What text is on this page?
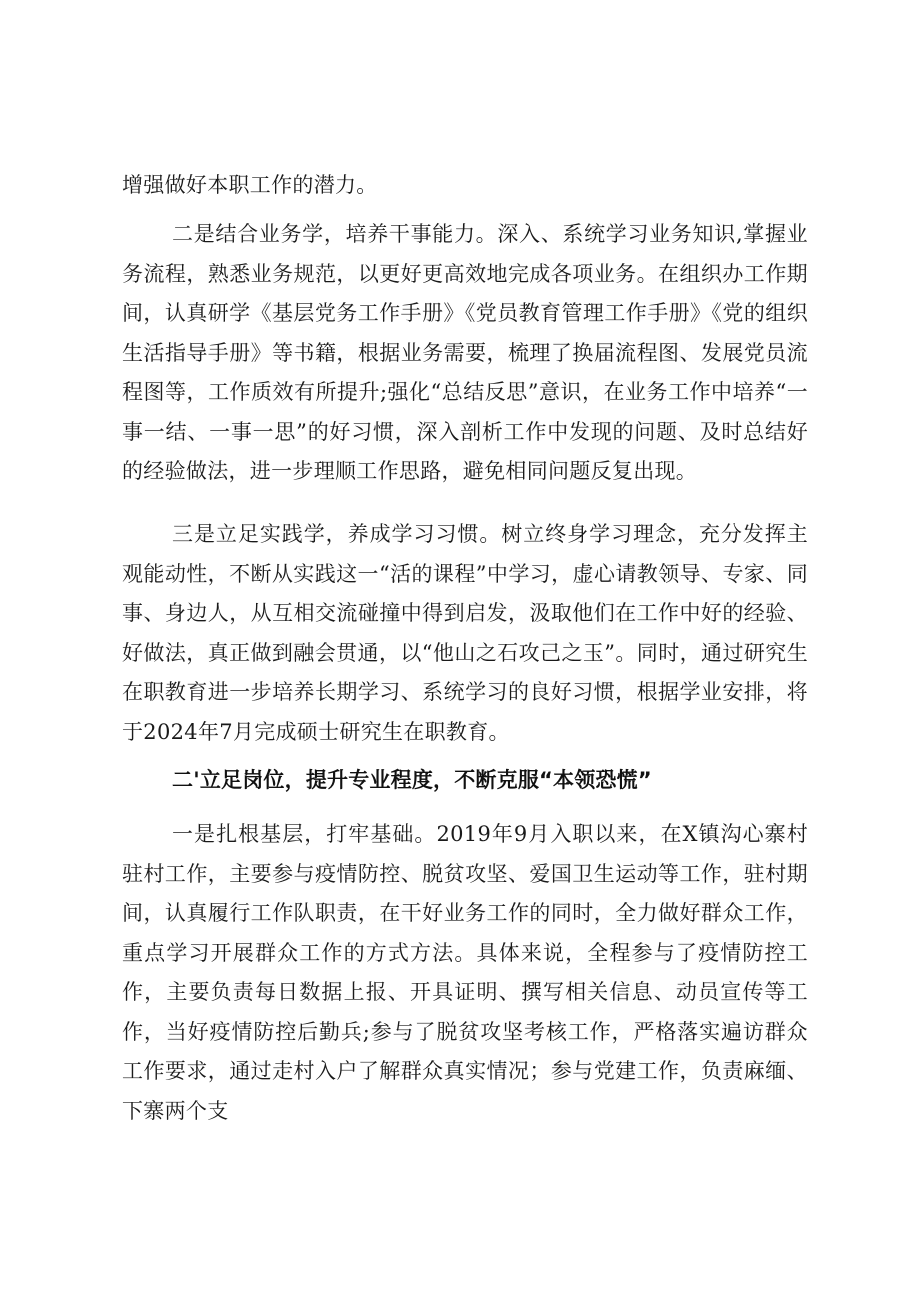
增强做好本职工作的潜力。

二是结合业务学，培养干事能力。深入、系统学习业务知识,掌握业务流程，熟悉业务规范，以更好更高效地完成各项业务。在组织办工作期间，认真研学《基层党务工作手册》《党员教育管理工作手册》《党的组织生活指导手册》等书籍，根据业务需要，梳理了换届流程图、发展党员流程图等，工作质效有所提升;强化“总结反思”意识，在业务工作中培养“一事一结、一事一思”的好习惯，深入剖析工作中发现的问题、及时总结好的经验做法，进一步理顺工作思路，避免相同问题反复出现。

三是立足实践学，养成学习习惯。树立终身学习理念，充分发挥主观能动性，不断从实践这一“活的课程”中学习，虚心请教领导、专家、同事、身边人，从互相交流碰撞中得到启发，汲取他们在工作中好的经验、好做法，真正做到融会贯通，以“他山之石攻己之玉”。同时，通过研究生在职教育进一步培养长期学习、系统学习的良好习惯，根据学业安排，将于2024年7月完成硕士研究生在职教育。

二'立足岗位，提升专业程度，不断克服“本领恐慌”

一是扎根基层，打牢基础。2019年9月入职以来，在X镇沟心寨村驻村工作，主要参与疫情防控、脱贫攻坚、爱国卫生运动等工作，驻村期间，认真履行工作队职责，在干好业务工作的同时，全力做好群众工作，重点学习开展群众工作的方式方法。具体来说，全程参与了疫情防控工作，主要负责每日数据上报、开具证明、撰写相关信息、动员宣传等工作，当好疫情防控后勤兵;参与了脱贫攻坚考核工作，严格落实遍访群众工作要求，通过走村入户了解群众真实情况；参与党建工作，负责麻缅、下寨两个支
